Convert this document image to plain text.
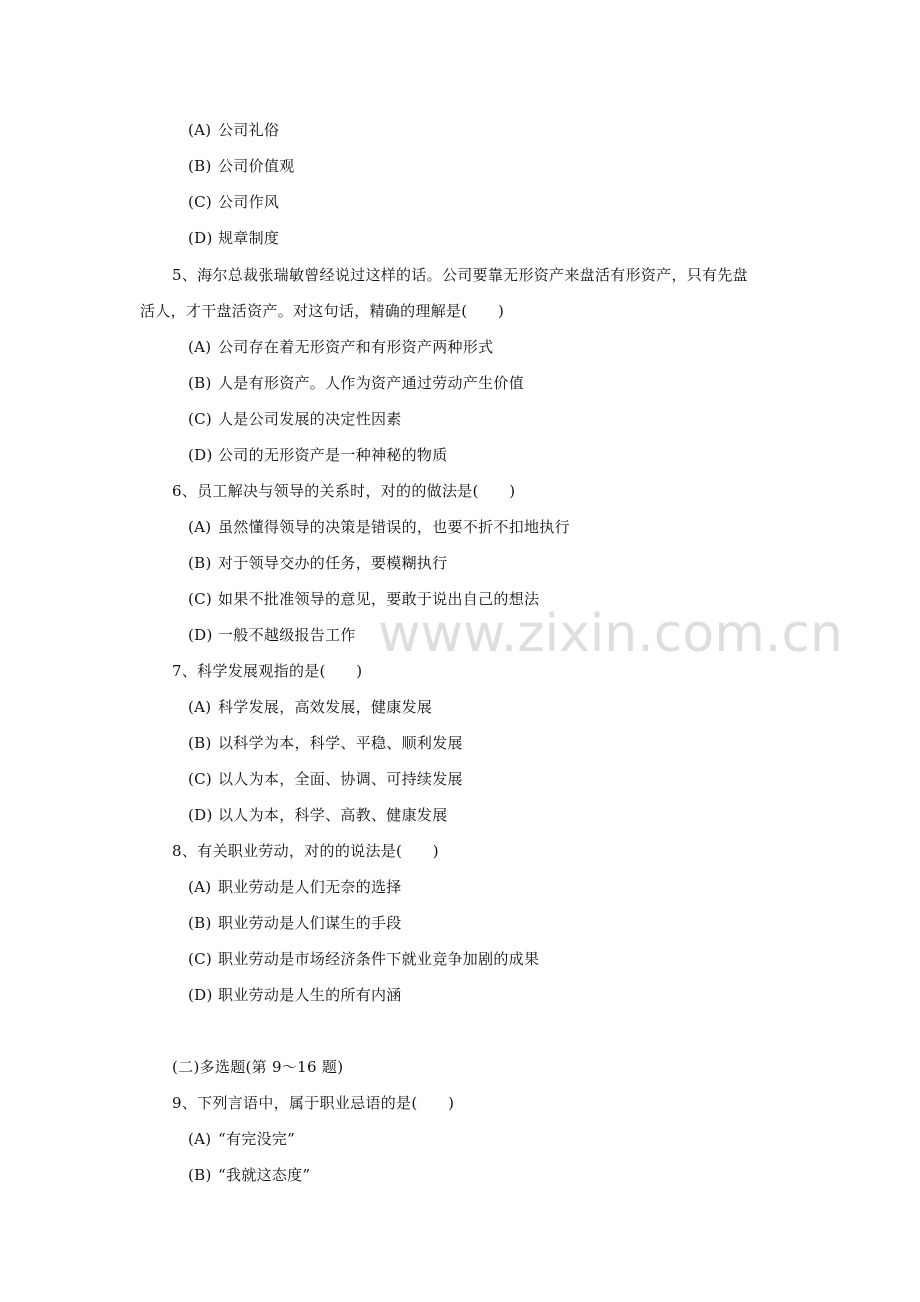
www.zixin.com.cn
(A) 公司礼俗
(B) 公司价值观
(C) 公司作风
(D) 规章制度
5、海尔总裁张瑞敏曾经说过这样的话。公司要靠无形资产来盘活有形资产，只有先盘
活人，才干盘活资产。对这句话，精确的理解是(　　)
(A) 公司存在着无形资产和有形资产两种形式
(B) 人是有形资产。人作为资产通过劳动产生价值
(C) 人是公司发展的决定性因素
(D) 公司的无形资产是一种神秘的物质
6、员工解决与领导的关系时，对的的做法是(　　)
(A) 虽然懂得领导的决策是错误的，也要不折不扣地执行
(B) 对于领导交办的任务，要模糊执行
(C) 如果不批准领导的意见，要敢于说出自己的想法
(D) 一般不越级报告工作
7、科学发展观指的是(　　)
(A) 科学发展，高效发展，健康发展
(B) 以科学为本，科学、平稳、顺利发展
(C) 以人为本，全面、协调、可持续发展
(D) 以人为本，科学、高教、健康发展
8、有关职业劳动，对的的说法是(　　)
(A) 职业劳动是人们无奈的选择
(B) 职业劳动是人们谋生的手段
(C) 职业劳动是市场经济条件下就业竞争加剧的成果
(D) 职业劳动是人生的所有内涵
(二)多选题(第 9～16 题)
9、下列言语中，属于职业忌语的是(　　)
(A) “有完没完”
(B) “我就这态度”
